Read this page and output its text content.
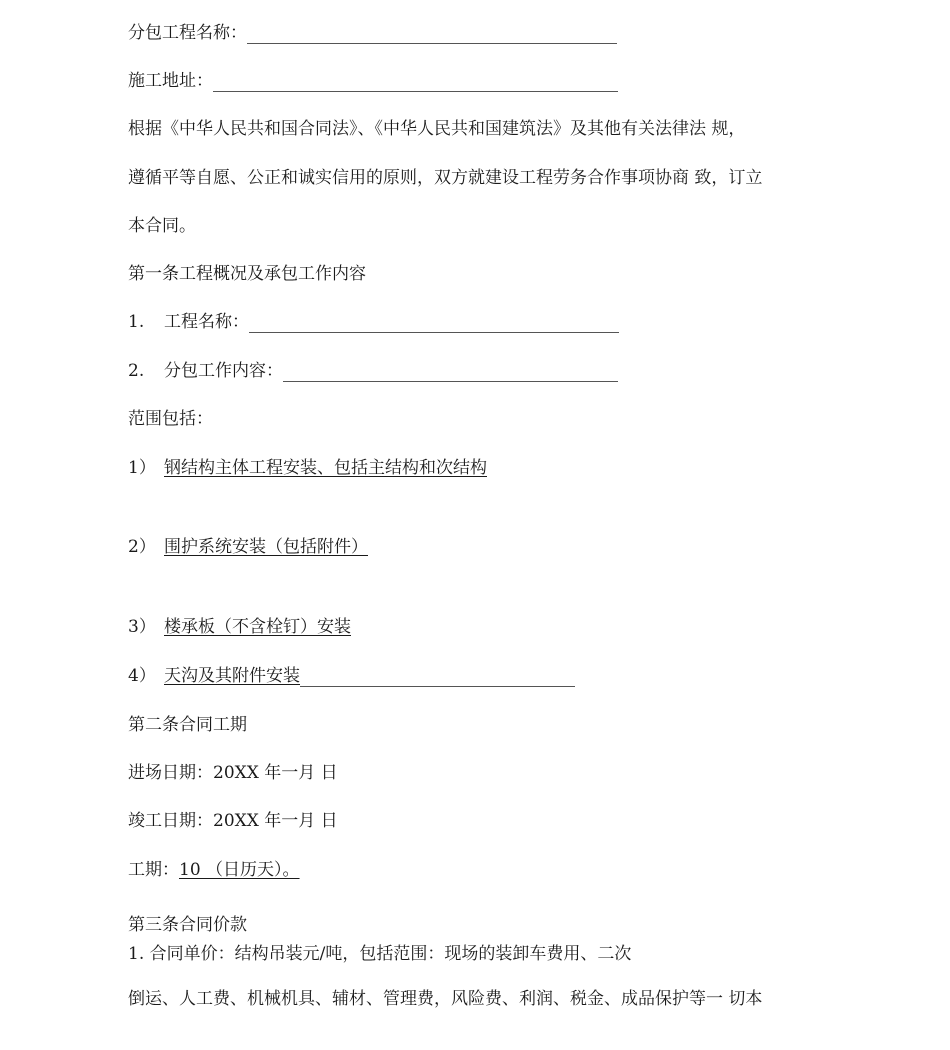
分包工程名称：
施工地址：
根据《中华人民共和国合同法》、《中华人民共和国建筑法》及其他有关法律法 规，
遵循平等自愿、公正和诚实信用的原则，双方就建设工程劳务合作事项协商 致，订立
本合同。
第一条工程概况及承包工作内容
1. 工程名称：
2. 分包工作内容：
范围包括：
1） 钢结构主体工程安装、包括主结构和次结构
2） 围护系统安装（包括附件）
3） 楼承板（不含栓钉）安装
4） 天沟及其附件安装
第二条合同工期
进场日期：20XX 年一月 日
竣工日期：20XX 年一月 日
工期：10 （日历天）。
第三条合同价款
1. 合同单价：结构吊装元/吨，包括范围：现场的装卸车费用、二次
倒运、人工费、机械机具、辅材、管理费，风险费、利润、税金、成品保护等一 切本
